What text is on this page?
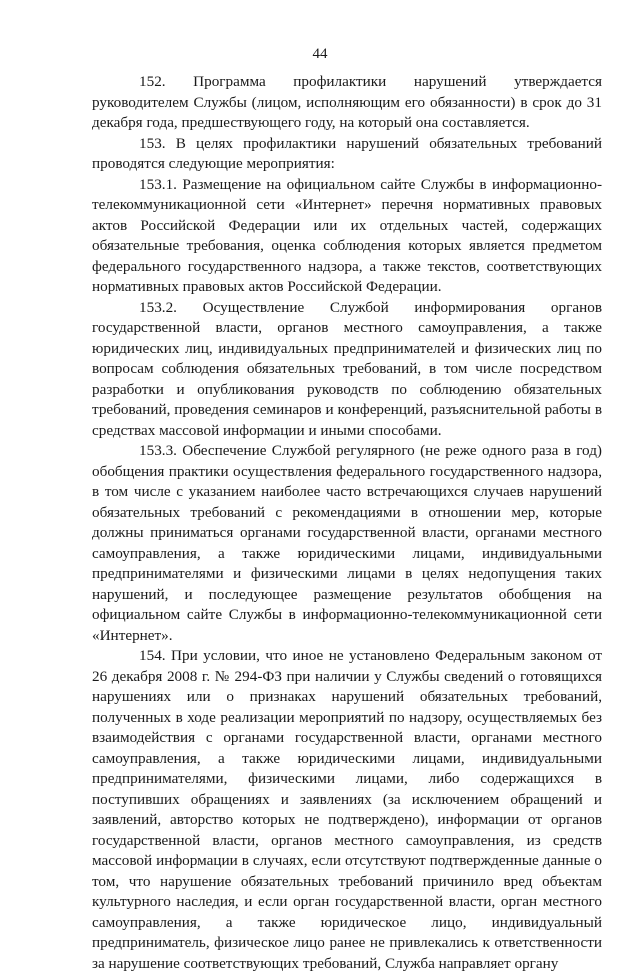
44

152. Программа профилактики нарушений утверждается руководителем Службы (лицом, исполняющим его обязанности) в срок до 31 декабря года, предшествующего году, на который она составляется.

153. В целях профилактики нарушений обязательных требований проводятся следующие мероприятия:

153.1. Размещение на официальном сайте Службы в информационно-телекоммуникационной сети «Интернет» перечня нормативных правовых актов Российской Федерации или их отдельных частей, содержащих обязательные требования, оценка соблюдения которых является предметом федерального государственного надзора, а также текстов, соответствующих нормативных правовых актов Российской Федерации.

153.2. Осуществление Службой информирования органов государственной власти, органов местного самоуправления, а также юридических лиц, индивидуальных предпринимателей и физических лиц по вопросам соблюдения обязательных требований, в том числе посредством разработки и опубликования руководств по соблюдению обязательных требований, проведения семинаров и конференций, разъяснительной работы в средствах массовой информации и иными способами.

153.3. Обеспечение Службой регулярного (не реже одного раза в год) обобщения практики осуществления федерального государственного надзора, в том числе с указанием наиболее часто встречающихся случаев нарушений обязательных требований с рекомендациями в отношении мер, которые должны приниматься органами государственной власти, органами местного самоуправления, а также юридическими лицами, индивидуальными предпринимателями и физическими лицами в целях недопущения таких нарушений, и последующее размещение результатов обобщения на официальном сайте Службы в информационно-телекоммуникационной сети «Интернет».

154. При условии, что иное не установлено Федеральным законом от 26 декабря 2008 г. № 294-ФЗ при наличии у Службы сведений о готовящихся нарушениях или о признаках нарушений обязательных требований, полученных в ходе реализации мероприятий по надзору, осуществляемых без взаимодействия с органами государственной власти, органами местного самоуправления, а также юридическими лицами, индивидуальными предпринимателями, физическими лицами, либо содержащихся в поступивших обращениях и заявлениях (за исключением обращений и заявлений, авторство которых не подтверждено), информации от органов государственной власти, органов местного самоуправления, из средств массовой информации в случаях, если отсутствуют подтвержденные данные о том, что нарушение обязательных требований причинило вред объектам культурного наследия, и если орган государственной власти, орган местного самоуправления, а также юридическое лицо, индивидуальный предприниматель, физическое лицо ранее не привлекались к ответственности за нарушение соответствующих требований, Служба направляет органу
